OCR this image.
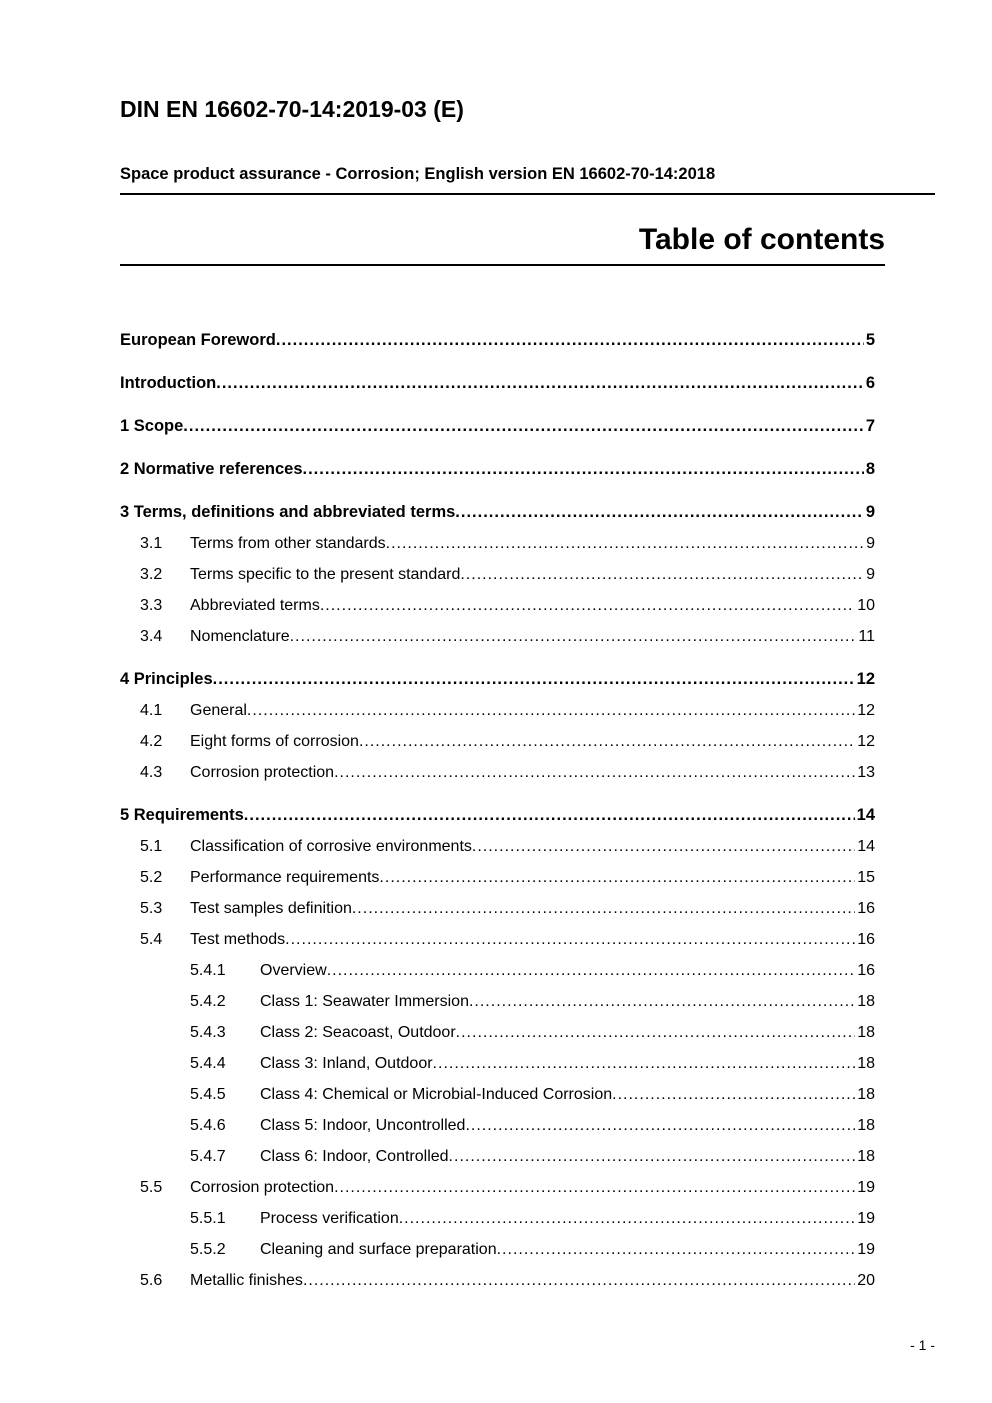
DIN EN 16602-70-14:2019-03 (E)
Space product assurance - Corrosion; English version EN 16602-70-14:2018
Table of contents
European Foreword .....	5
Introduction .....	6
1 Scope .....	7
2 Normative references .....	8
3 Terms, definitions and abbreviated terms .....	9
3.1	Terms from other standards .....	9
3.2	Terms specific to the present standard .....	9
3.3	Abbreviated terms .....	10
3.4	Nomenclature .....	11
4 Principles .....	12
4.1	General .....	12
4.2	Eight forms of corrosion .....	12
4.3	Corrosion protection .....	13
5 Requirements .....	14
5.1	Classification of corrosive environments .....	14
5.2	Performance requirements .....	15
5.3	Test samples definition .....	16
5.4	Test methods .....	16
5.4.1	Overview .....	16
5.4.2	Class 1: Seawater Immersion .....	18
5.4.3	Class 2: Seacoast, Outdoor .....	18
5.4.4	Class 3: Inland, Outdoor .....	18
5.4.5	Class 4: Chemical or Microbial-Induced Corrosion .....	18
5.4.6	Class 5: Indoor, Uncontrolled .....	18
5.4.7	Class 6: Indoor, Controlled .....	18
5.5	Corrosion protection .....	19
5.5.1	Process verification .....	19
5.5.2	Cleaning and surface preparation .....	19
5.6	Metallic finishes .....	20
- 1 -
